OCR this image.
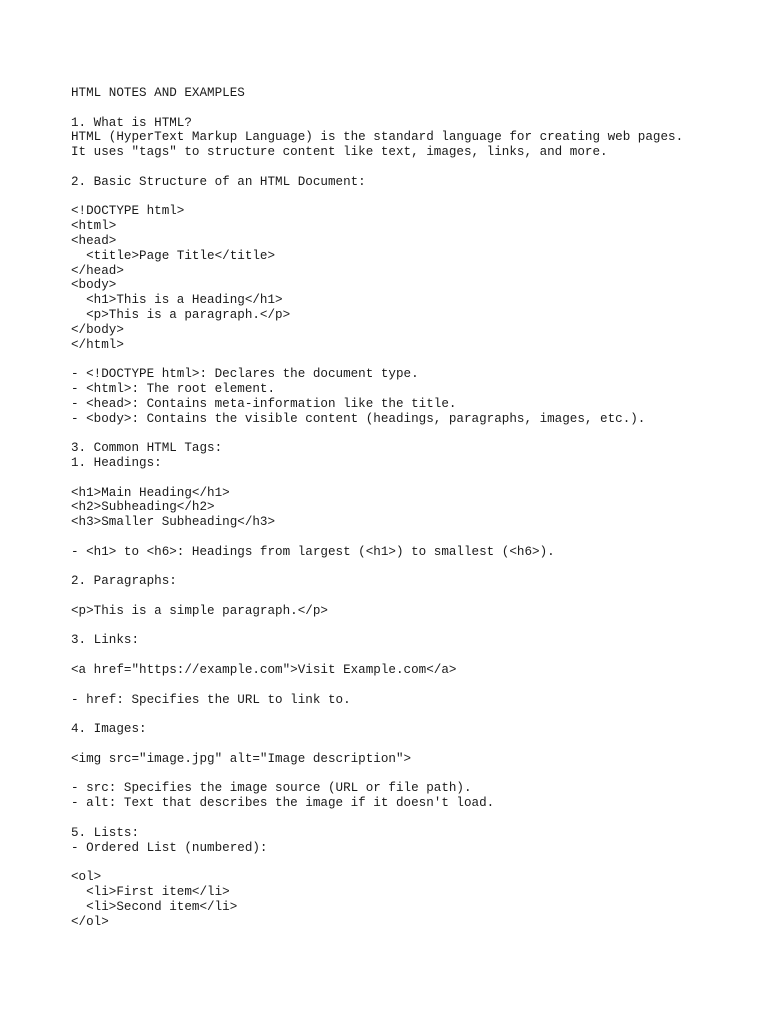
HTML NOTES AND EXAMPLES
1. What is HTML?
HTML (HyperText Markup Language) is the standard language for creating web pages.
It uses "tags" to structure content like text, images, links, and more.
2. Basic Structure of an HTML Document:
<!DOCTYPE html>
<html>
<head>
<title>Page Title</title>
</head>
<body>
<h1>This is a Heading</h1>
<p>This is a paragraph.</p>
</body>
</html>
- <!DOCTYPE html>: Declares the document type.
- <html>: The root element.
- <head>: Contains meta-information like the title.
- <body>: Contains the visible content (headings, paragraphs, images, etc.).
3. Common HTML Tags:
1. Headings:
<h1>Main Heading</h1>
<h2>Subheading</h2>
<h3>Smaller Subheading</h3>
- <h1> to <h6>: Headings from largest (<h1>) to smallest (<h6>).
2. Paragraphs:
<p>This is a simple paragraph.</p>
3. Links:
<a href="https://example.com">Visit Example.com</a>
- href: Specifies the URL to link to.
4. Images:
<img src="image.jpg" alt="Image description">
- src: Specifies the image source (URL or file path).
- alt: Text that describes the image if it doesn't load.
5. Lists:
- Ordered List (numbered):
<ol>
<li>First item</li>
<li>Second item</li>
</ol>
